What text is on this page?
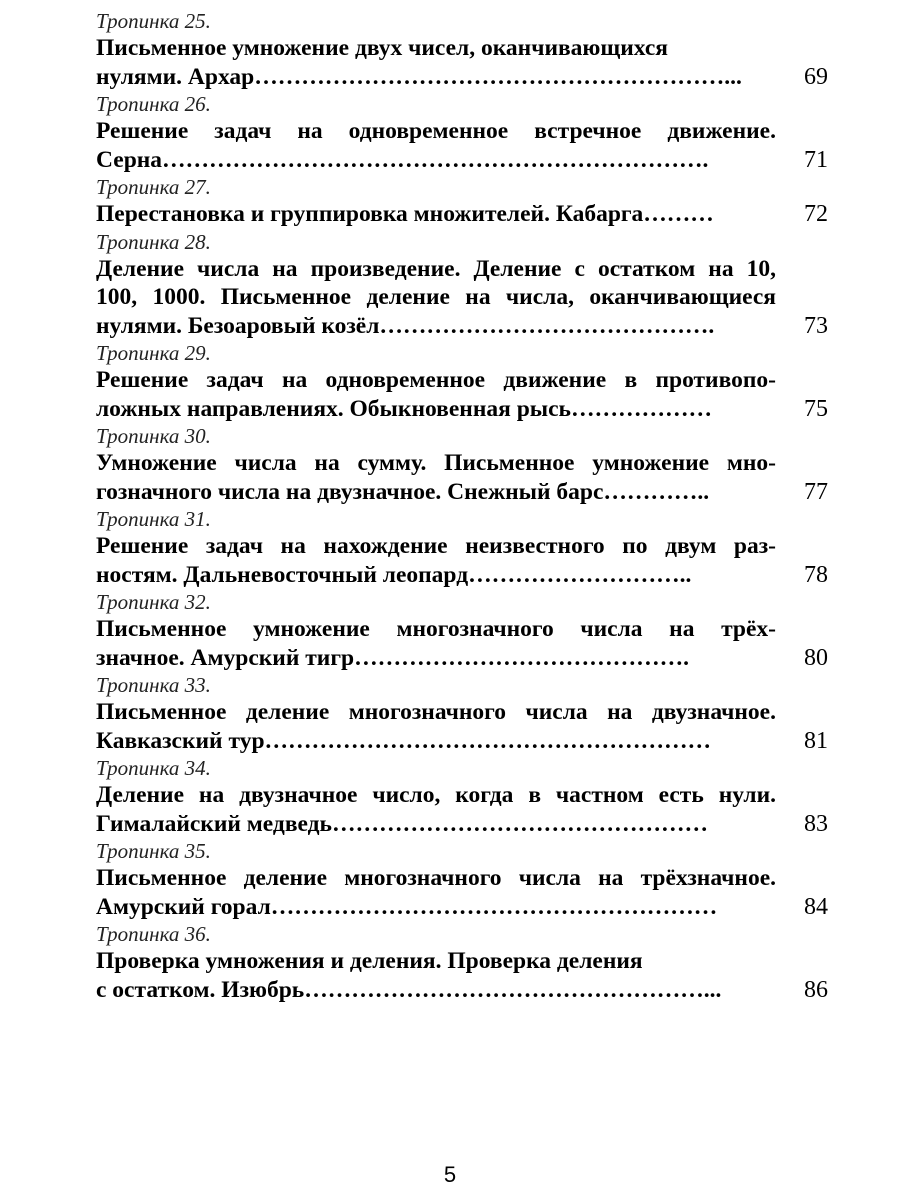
Тропинка 25.
Письменное умножение двух чисел, оканчивающихся
нулями. Архар……………………………………………………...	69
Тропинка 26.
Решение задач на одновременное встречное движение.
Серна…………………………………………………………….	71
Тропинка 27.
Перестановка и группировка множителей. Кабарга………	72
Тропинка 28.
Деление числа на произведение. Деление с остатком на 10,
100, 1000. Письменное деление на числа, оканчивающиеся
нулями. Безоаровый козёл…………………………………….	73
Тропинка 29.
Решение задач на одновременное движение в противопо-
ложных направлениях. Обыкновенная рысь………………	75
Тропинка 30.
Умножение числа на сумму. Письменное умножение мно-
гозначного числа на двузначное. Снежный барс…………..	77
Тропинка 31.
Решение задач на нахождение неизвестного по двум раз-
ностям. Дальневосточный леопард………………………..	78
Тропинка 32.
Письменное умножение многозначного числа на трёх-
значное. Амурский тигр…………………………………….	80
Тропинка 33.
Письменное деление многозначного числа на двузначное.
Кавказский тур…………………………………………………	81
Тропинка 34.
Деление на двузначное число, когда в частном есть нули.
Гималайский медведь…………………………………………	83
Тропинка 35.
Письменное деление многозначного числа на трёхзначное.
Амурский горал…………………………………………………	84
Тропинка 36.
Проверка умножения и деления. Проверка деления
с остатком. Изюбрь……………………………………………...	86
5
